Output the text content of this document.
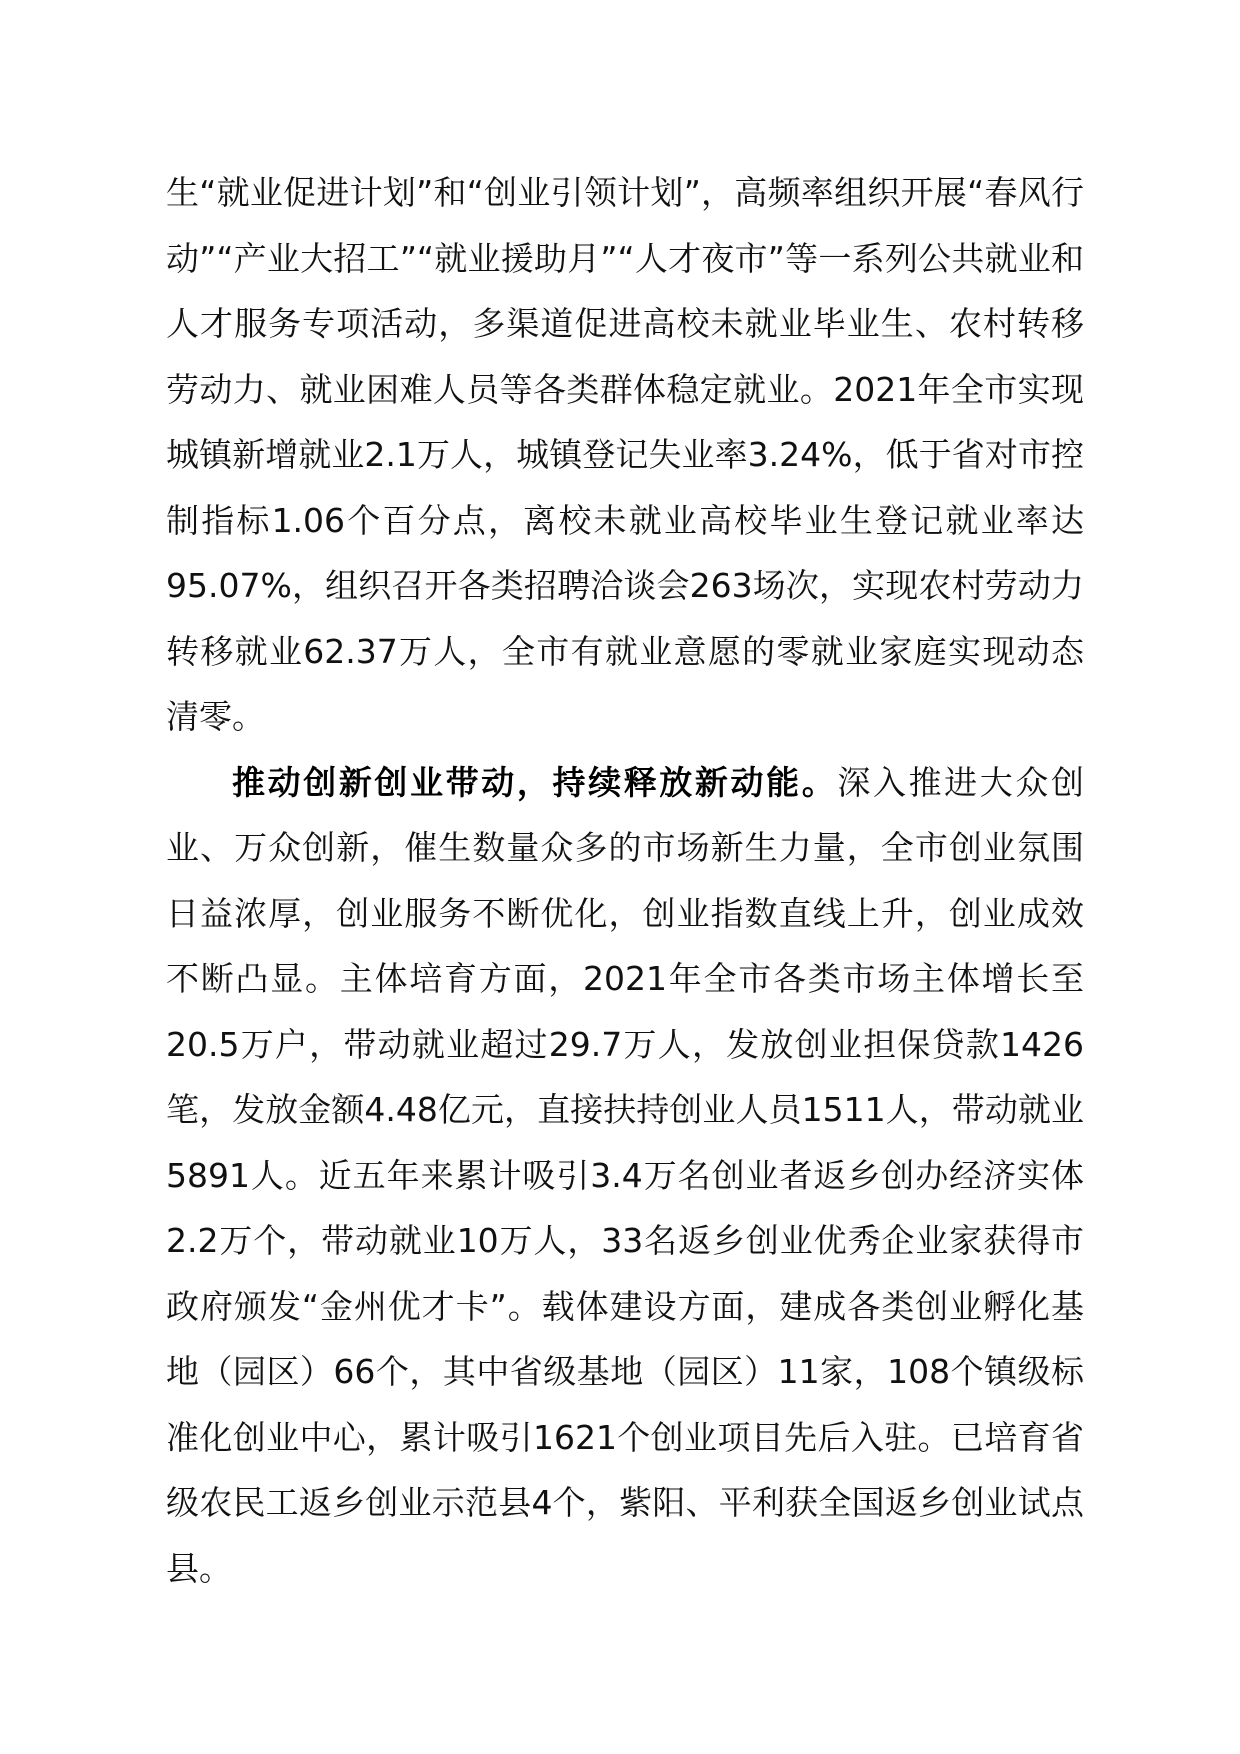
生“就业促进计划”和“创业引领计划”，高频率组织开展“春风行动”“产业大招工”“就业援助月”“人才夜市”等一系列公共就业和人才服务专项活动，多渠道促进高校未就业毕业生、农村转移劳动力、就业困难人员等各类群体稳定就业。2021年全市实现城镇新增就业2.1万人，城镇登记失业率3.24%，低于省对市控制指标1.06个百分点，离校未就业高校毕业生登记就业率达95.07%，组织召开各类招聘洽谈会263场次，实现农村劳动力转移就业62.37万人，全市有就业意愿的零就业家庭实现动态清零。

推动创新创业带动，持续释放新动能。深入推进大众创业、万众创新，催生数量众多的市场新生力量，全市创业氛围日益浓厚，创业服务不断优化，创业指数直线上升，创业成效不断凸显。主体培育方面，2021年全市各类市场主体增长至20.5万户，带动就业超过29.7万人，发放创业担保贷款1426笔，发放金额4.48亿元，直接扶持创业人员1511人，带动就业5891人。近五年来累计吸引3.4万名创业者返乡创办经济实体2.2万个，带动就业10万人，33名返乡创业优秀企业家获得市政府颁发“金州优才卡”。载体建设方面，建成各类创业孵化基地（园区）66个，其中省级基地（园区）11家，108个镇级标准化创业中心，累计吸引1621个创业项目先后入驻。已培育省级农民工返乡创业示范县4个，紫阳、平利获全国返乡创业试点县。
